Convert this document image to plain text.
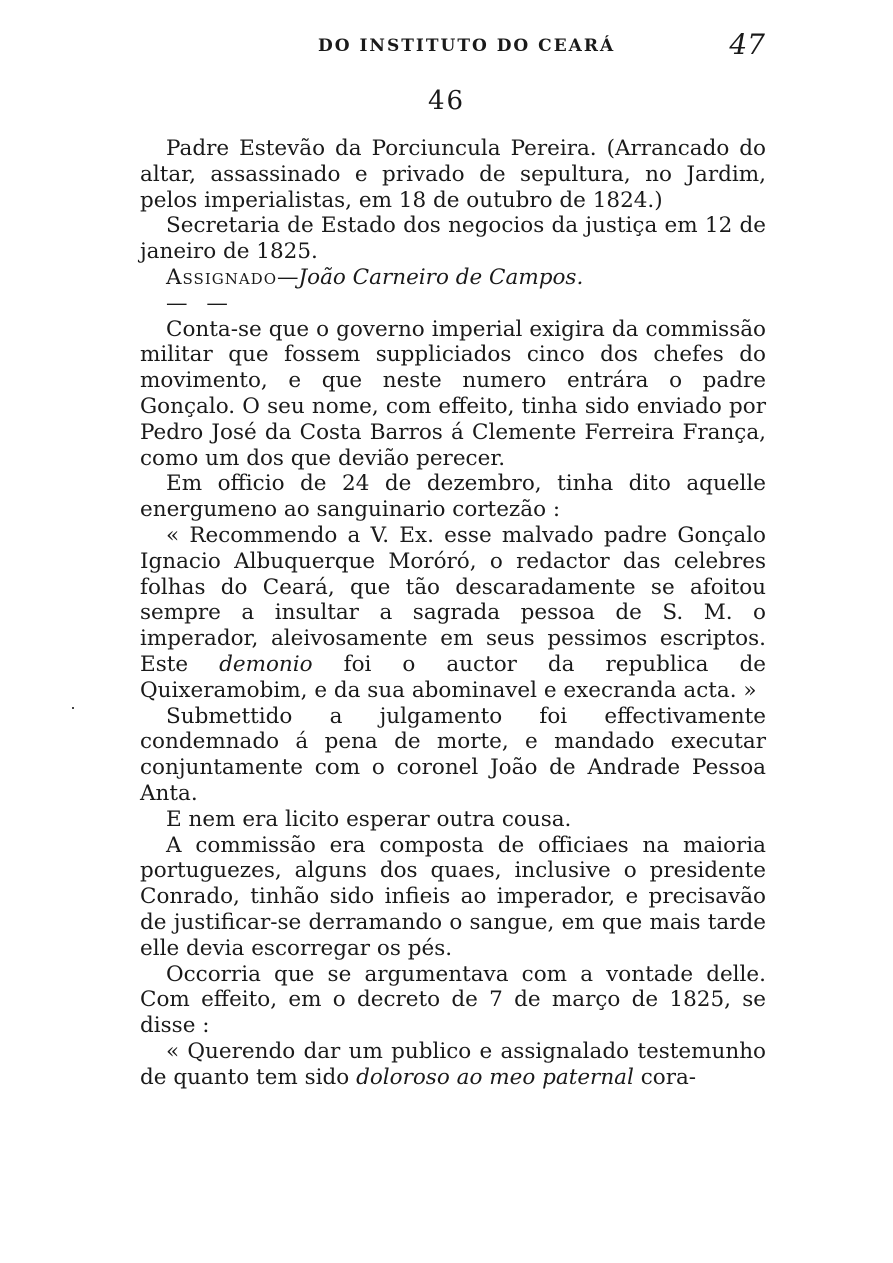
DO INSTITUTO DO CEARÁ	47
46

Padre Estevão da Porciuncula Pereira. (Arrancado do altar, assassinado e privado de sepultura, no Jardim, pelos imperialistas, em 18 de outubro de 1824.)

Secretaria de Estado dos negocios da justiça em 12 de janeiro de 1825.

Assignado—João Carneiro de Campos.

— —

Conta-se que o governo imperial exigira da commissão militar que fossem suppliciados cinco dos chefes do movimento, e que neste numero entrára o padre Gonçalo. O seu nome, com effeito, tinha sido enviado por Pedro José da Costa Barros á Clemente Ferreira França, como um dos que devião perecer.

Em officio de 24 de dezembro, tinha dito aquelle energumeno ao sanguinario cortezão :

« Recommendo a V. Ex. esse malvado padre Gonçalo Ignacio Albuquerque Moróró, o redactor das celebres folhas do Ceará, que tão descaradamente se afoitou sempre a insultar a sagrada pessoa de S. M. o imperador, aleivosamente em seus pessimos escriptos. Este demonio foi o auctor da republica de Quixeramobim, e da sua abominavel e execranda acta. »

Submettido a julgamento foi effectivamente condemnado á pena de morte, e mandado executar conjuntamente com o coronel João de Andrade Pessoa Anta.

E nem era licito esperar outra cousa.

A commissão era composta de officiaes na maioria portuguezes, alguns dos quaes, inclusive o presidente Conrado, tinhão sido infieis ao imperador, e precisavão de justificar-se derramando o sangue, em que mais tarde elle devia escorregar os pés.

Occorria que se argumentava com a vontade delle. Com effeito, em o decreto de 7 de março de 1825, se disse :

« Querendo dar um publico e assignalado testemunho de quanto tem sido doloroso ao meo paternal cora-
